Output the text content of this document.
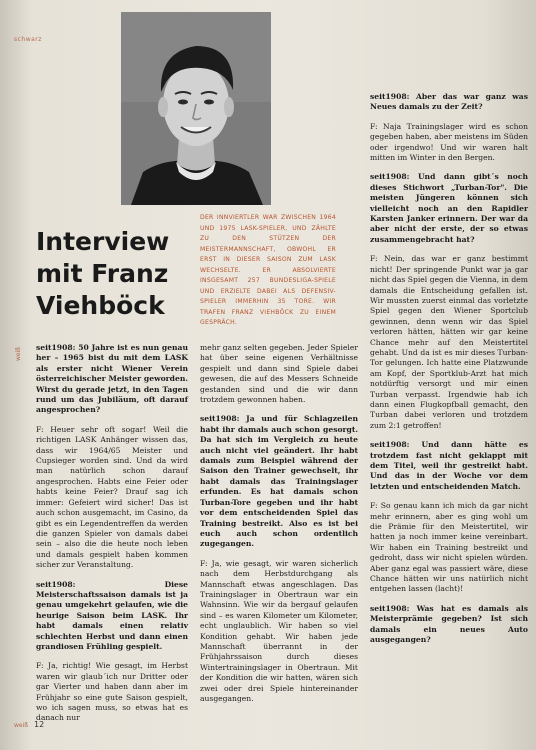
schwarz
DER INNVIERTLER WAR ZWISCHEN 1964 UND 1975 LASK-SPIELER, UND ZÄHLTE ZU DEN STÜTZEN DER MEISTERMANNSCHAFT, OBWOHL ER ERST IN DIESER SAISON ZUM LASK WECHSELTE. ER ABSOLVIERTE INSGESAMT 257 BUNDESLIGA-SPIELE UND ERZIELTE DABEI ALS DEFENSIV-SPIELER IMMERHIN 35 TORE. WIR TRAFEN FRANZ VIEHBÖCK ZU EINEM GESPRÄCH.
Interview
mit Franz
Viehböck
weiß seit1908: 50 Jahre ist es nun genau her – 1965 bist du mit dem LASK als erster nicht Wiener Verein österreichischer Meister geworden. Wirst du gerade jetzt, in den Tagen rund um das Jubiläum, oft darauf angesprochen?

F: Heuer sehr oft sogar! Weil die richtigen LASK Anhänger wissen das, dass wir 1964/65 Meister und Cupsieger worden sind. Und da wird man natürlich schon darauf angesprochen. Habts eine Feier oder habts keine Feier? Drauf sag ich immer: Gefeiert wird sicher! Das ist auch schon ausgemacht, im Casino, da gibt es ein Legendentreffen da werden die ganzen Spieler von damals dabei sein – also die die heute noch leben und damals gespielt haben kommen sicher zur Veranstaltung.

seit1908: Diese Meisterschaftssaison damals ist ja genau umgekehrt gelaufen, wie die heurige Saison beim LASK. Ihr habt damals einen relativ schlechten Herbst und dann einen grandiosen Frühling gespielt.

F: Ja, richtig! Wie gesagt, im Herbst waren wir glaub´ich nur Dritter oder gar Vierter und haben dann aber im Frühjahr so eine gute Saison gespielt, wo ich sagen muss, so etwas hat es danach nur

mehr ganz selten gegeben. Jeder Spieler hat über seine eigenen Verhältnisse gespielt und dann sind Spiele dabei gewesen, die auf des Messers Schneide gestanden sind und die wir dann trotzdem gewonnen haben.

seit1908: Ja und für Schlagzeilen habt ihr damals auch schon gesorgt. Da hat sich im Vergleich zu heute auch nicht viel geändert. Ihr habt damals zum Beispiel während der Saison den Trainer gewechselt, ihr habt damals das Trainingslager erfunden. Es hat damals schon Turban-Tore gegeben und ihr habt vor dem entscheidenden Spiel das Training bestreikt. Also es ist bei euch auch schon ordentlich zugegangen.

F: Ja, wie gesagt, wir waren sicherlich nach dem Herbstdurchgang als Mannschaft etwas angeschlagen. Das Trainingslager in Obertraun war ein Wahnsinn. Wie wir da bergauf gelaufen sind – es waren Kilometer um Kilometer, echt unglaublich. Wir haben so viel Kondition gehabt. Wir haben jede Mannschaft überrannt in der Frühjahrssaison durch dieses Wintertrainingslager in Obertraun. Mit der Kondition die wir hatten, wären sich zwei oder drei Spiele hintereinander ausgegangen.

seit1908: Aber das war ganz was Neues damals zu der Zeit?

F: Naja Trainingslager wird es schon gegeben haben, aber meistens im Süden oder irgendwo! Und wir waren halt mitten im Winter in den Bergen.

seit1908: Und dann gibt´s noch dieses Stichwort „Turban-Tor". Die meisten Jüngeren können sich vielleicht noch an den Rapidler Karsten Janker erinnern. Der war da aber nicht der erste, der so etwas zusammengebracht hat?

F: Nein, das war er ganz bestimmt nicht! Der springende Punkt war ja gar nicht das Spiel gegen die Vienna, in dem damals die Entscheidung gefallen ist. Wir mussten zuerst einmal das vorletzte Spiel gegen den Wiener Sportclub gewinnen, denn wenn wir das Spiel verloren hätten, hätten wir gar keine Chance mehr auf den Meistertitel gehabt. Und da ist es mir dieses Turban-Tor gelungen. Ich hatte eine Platzwunde am Kopf, der Sportklub-Arzt hat mich notdürftig versorgt und mir einen Turban verpasst. Irgendwie hab ich dann einen Flugkopfball gemacht, den Turban dabei verloren und trotzdem zum 2:1 getroffen!

seit1908: Und dann hätte es trotzdem fast nicht geklappt mit dem Titel, weil ihr gestreikt habt. Und das in der Woche vor dem letzten und entscheidenden Match.

F: So genau kann ich mich da gar nicht mehr erinnern, aber es ging wohl um die Prämie für den Meistertitel, wir hatten ja noch immer keine vereinbart. Wir haben ein Training bestreikt und gedroht, dass wir nicht spielen würden. Aber ganz egal was passiert wäre, diese Chance hätten wir uns natürlich nicht entgehen lassen (lacht)!

seit1908: Was hat es damals als Meisterprämie gegeben? Ist sich damals ein neues Auto ausgegangen?

weiß 12
